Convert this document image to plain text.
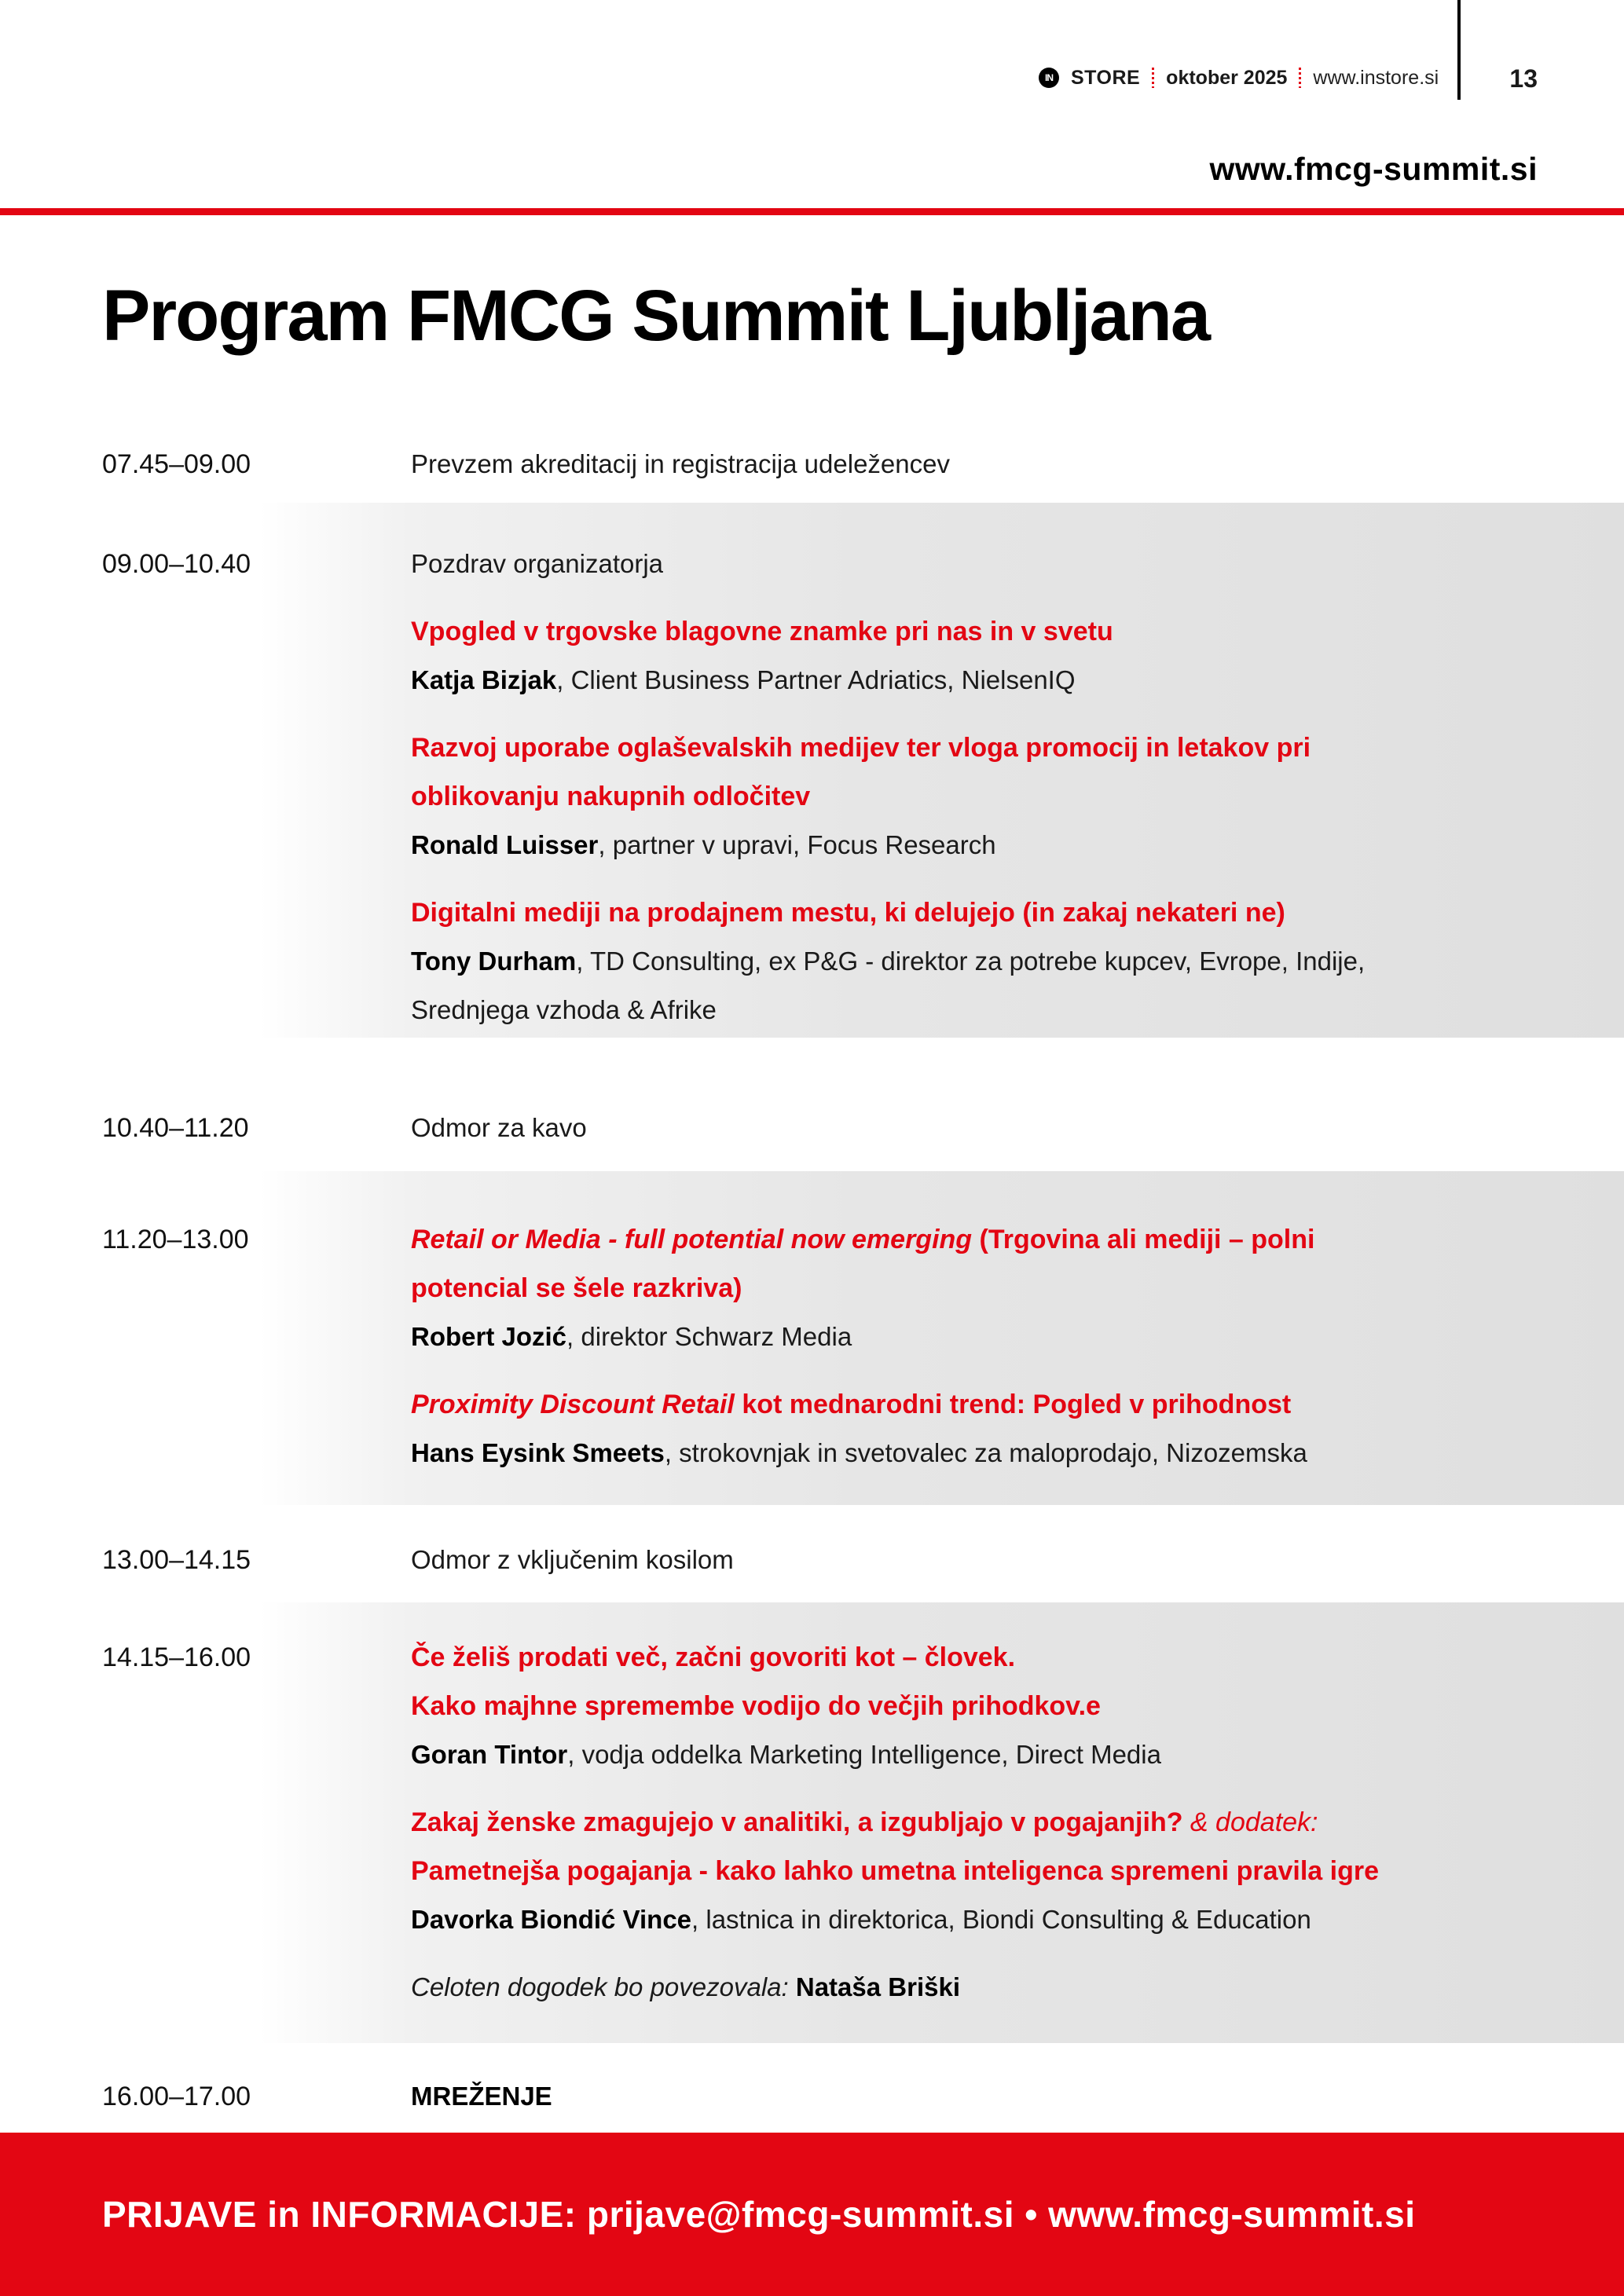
IN STORE oktober 2025 www.instore.si	13
www.fmcg-summit.si
Program FMCG Summit Ljubljana
07.45–09.00	Prevzem akreditacij in registracija udeležencev
09.00–10.40	Pozdrav organizatorja
Vpogled v trgovske blagovne znamke pri nas in v svetu
Katja Bizjak, Client Business Partner Adriatics, NielsenIQ
Razvoj uporabe oglaševalskih medijev ter vloga promocij in letakov pri
oblikovanju nakupnih odločitev
Ronald Luisser, partner v upravi, Focus Research
Digitalni mediji na prodajnem mestu, ki delujejo (in zakaj nekateri ne)
Tony Durham, TD Consulting, ex P&G - direktor za potrebe kupcev, Evrope, Indije,
Srednjega vzhoda & Afrike
10.40–11.20	Odmor za kavo
11.20–13.00	Retail or Media - full potential now emerging (Trgovina ali mediji – polni
potencial se šele razkriva)
Robert Jozić, direktor Schwarz Media
Proximity Discount Retail kot mednarodni trend: Pogled v prihodnost
Hans Eysink Smeets, strokovnjak in svetovalec za maloprodajo, Nizozemska
13.00–14.15	Odmor z vključenim kosilom
14.15–16.00	Če želiš prodati več, začni govoriti kot – človek.
Kako majhne spremembe vodijo do večjih prihodkov.e
Goran Tintor, vodja oddelka Marketing Intelligence, Direct Media
Zakaj ženske zmagujejo v analitiki, a izgubljajo v pogajanjih? & dodatek:
Pametnejša pogajanja - kako lahko umetna inteligenca spremeni pravila igre
Davorka Biondić Vince, lastnica in direktorica, Biondi Consulting & Education
Celoten dogodek bo povezovala: Nataša Briški
16.00–17.00	MREŽENJE

PRIJAVE in INFORMACIJE: prijave@fmcg-summit.si • www.fmcg-summit.si
